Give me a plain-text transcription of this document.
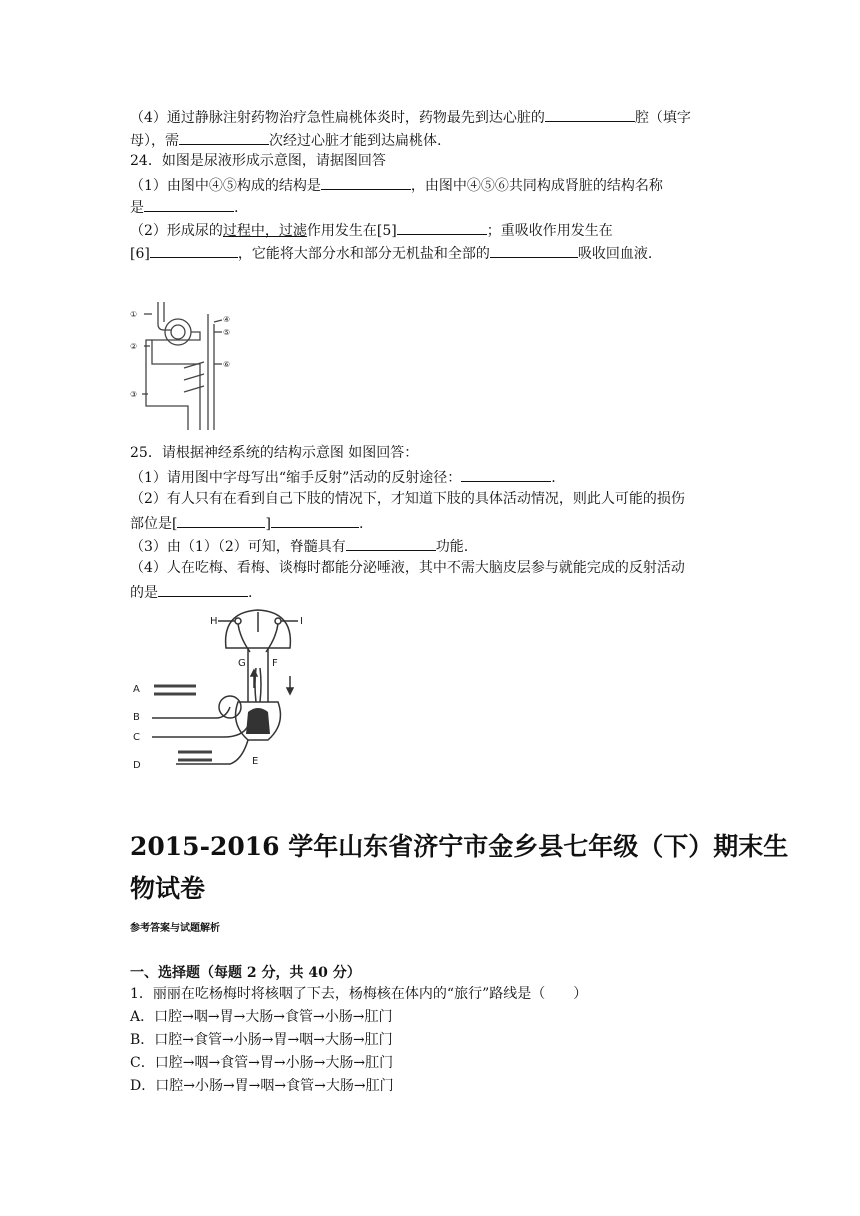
（4）通过静脉注射药物治疗急性扁桃体炎时，药物最先到达心脏的	腔（填字
母），需	次经过心脏才能到达扁桃体.
24．如图是尿液形成示意图，请据图回答
（1）由图中④⑤构成的结构是	，由图中④⑤⑥共同构成肾脏的结构名称
是	.
（2）形成尿的过程中，过滤作用发生在[5]	；重吸收作用发生在
[6]	，它能将大部分水和部分无机盐和全部的	吸收回血液.
①
②
③
④
⑤
⑥
25．请根据神经系统的结构示意图 如图回答：
（1）请用图中字母写出“缩手反射”活动的反射途径：	.
（2）有人只有在看到自己下肢的情况下，才知道下肢的具体活动情况，则此人可能的损伤
部位是[	]	.
（3）由（1）（2）可知，脊髓具有	功能.
（4）人在吃梅、看梅、谈梅时都能分泌唾液，其中不需大脑皮层参与就能完成的反射活动
的是	.
A
B
C
D	E
F
G
H	I
2015-2016 学年山东省济宁市金乡县七年级（下）期末生
物试卷
参考答案与试题解析
一、选择题（每题 2 分，共 40 分）
1．丽丽在吃杨梅时将核咽了下去，杨梅核在体内的“旅行”路线是（　　）
A．口腔→咽→胃→大肠→食管→小肠→肛门
B．口腔→食管→小肠→胃→咽→大肠→肛门
C．口腔→咽→食管→胃→小肠→大肠→肛门
D．口腔→小肠→胃→咽→食管→大肠→肛门
